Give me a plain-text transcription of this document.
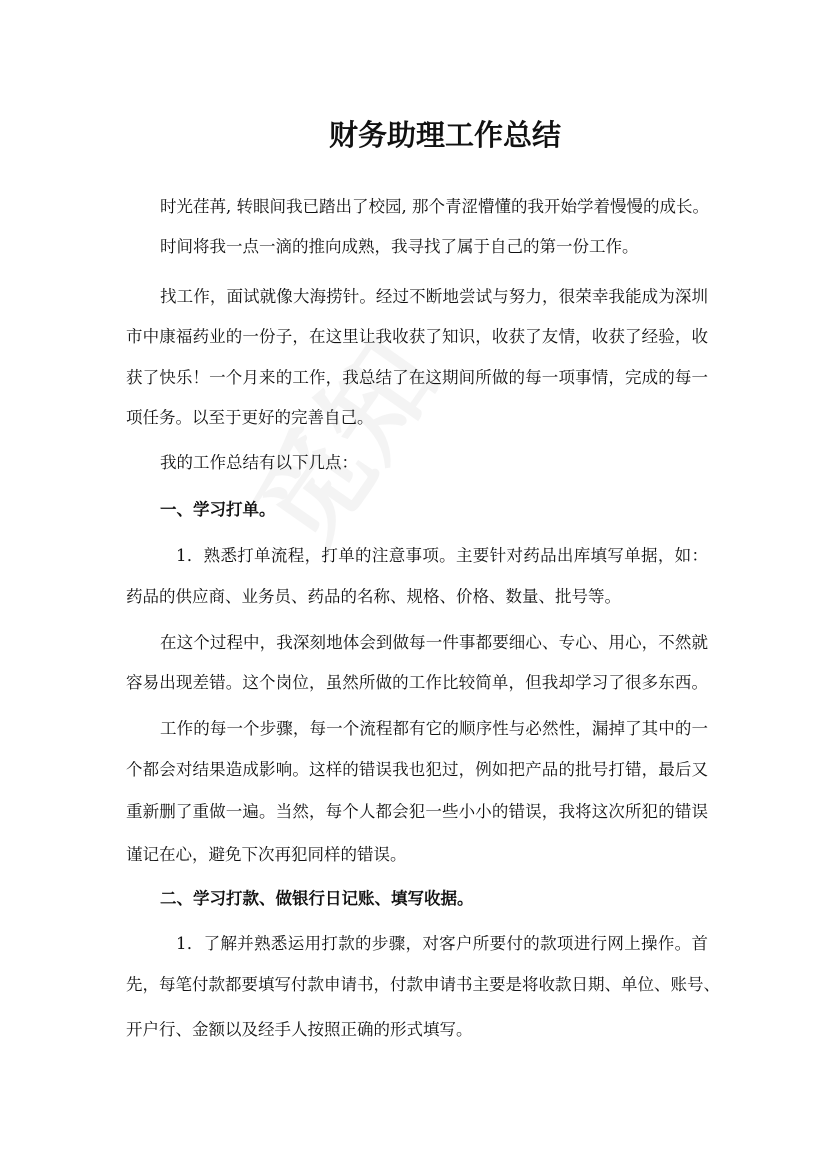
财务助理工作总结
时光荏苒, 转眼间我已踏出了校园, 那个青涩懵懂的我开始学着慢慢的成长。
时间将我一点一滴的推向成熟，我寻找了属于自己的第一份工作。
找工作，面试就像大海捞针。经过不断地尝试与努力，很荣幸我能成为深圳
市中康福药业的一份子，在这里让我收获了知识，收获了友情，收获了经验，收
获了快乐！一个月来的工作，我总结了在这期间所做的每一项事情，完成的每一
项任务。以至于更好的完善自己。
我的工作总结有以下几点：
一、学习打单。
1．熟悉打单流程，打单的注意事项。主要针对药品出库填写单据，如：
药品的供应商、业务员、药品的名称、规格、价格、数量、批号等。
在这个过程中，我深刻地体会到做每一件事都要细心、专心、用心，不然就
容易出现差错。这个岗位，虽然所做的工作比较简单，但我却学习了很多东西。
工作的每一个步骤，每一个流程都有它的顺序性与必然性，漏掉了其中的一
个都会对结果造成影响。这样的错误我也犯过，例如把产品的批号打错，最后又
重新删了重做一遍。当然，每个人都会犯一些小小的错误，我将这次所犯的错误
谨记在心，避免下次再犯同样的错误。
二、学习打款、做银行日记账、填写收据。
1．了解并熟悉运用打款的步骤，对客户所要付的款项进行网上操作。首
先，每笔付款都要填写付款申请书，付款申请书主要是将收款日期、单位、账号、
开户行、金额以及经手人按照正确的形式填写。
